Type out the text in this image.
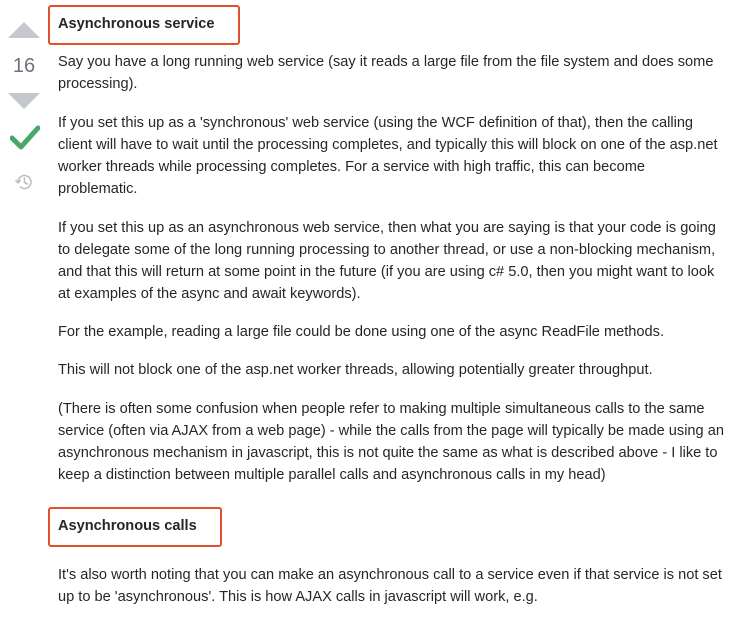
16
Asynchronous service

Say you have a long running web service (say it reads a large file from the file system and does some processing).

If you set this up as a 'synchronous' web service (using the WCF definition of that), then the calling client will have to wait until the processing completes, and typically this will block on one of the asp.net worker threads while processing completes. For a service with high traffic, this can become problematic.

If you set this up as an asynchronous web service, then what you are saying is that your code is going to delegate some of the long running processing to another thread, or use a non-blocking mechanism, and that this will return at some point in the future (if you are using c# 5.0, then you might want to look at examples of the async and await keywords).

For the example, reading a large file could be done using one of the async ReadFile methods.

This will not block one of the asp.net worker threads, allowing potentially greater throughput.

(There is often some confusion when people refer to making multiple simultaneous calls to the same service (often via AJAX from a web page) - while the calls from the page will typically be made using an asynchronous mechanism in javascript, this is not quite the same as what is described above - I like to keep a distinction between multiple parallel calls and asynchronous calls in my head)

Asynchronous calls

It's also worth noting that you can make an asynchronous call to a service even if that service is not set up to be 'asynchronous'. This is how AJAX calls in javascript will work, e.g.
